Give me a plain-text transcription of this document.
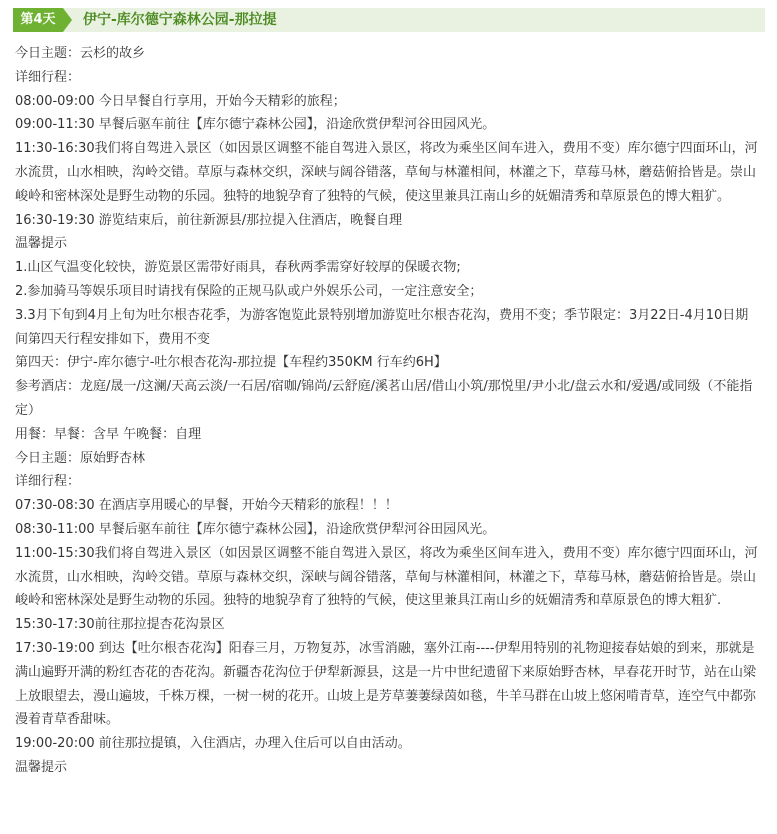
第4天	伊宁-库尔德宁森林公园-那拉提

今日主题：云杉的故乡

详细行程：

08:00-09:00 今日早餐自行享用，开始今天精彩的旅程；

09:00-11:30 早餐后驱车前往【库尔德宁森林公园】，沿途欣赏伊犁河谷田园风光。

11:30-16:30我们将自驾进入景区（如因景区调整不能自驾进入景区，将改为乘坐区间车进入，费用不变）库尔德宁四面环山，河水流贯，山水相映，沟岭交错。草原与森林交织，深峡与阔谷错落，草甸与林灌相间，林灌之下，草莓马林，蘑菇俯拾皆是。崇山峻岭和密林深处是野生动物的乐园。独特的地貌孕育了独特的气候，使这里兼具江南山乡的妩媚清秀和草原景色的博大粗犷。

16:30-19:30 游览结束后，前往新源县/那拉提入住酒店，晚餐自理

温馨提示

1.山区气温变化较快，游览景区需带好雨具，春秋两季需穿好较厚的保暖衣物;

2.参加骑马等娱乐项目时请找有保险的正规马队或户外娱乐公司，一定注意安全；

3.3月下旬到4月上旬为吐尔根杏花季，为游客饱览此景特别增加游览吐尔根杏花沟，费用不变；季节限定：3月22日-4月10日期间第四天行程安排如下，费用不变

第四天：伊宁-库尔德宁-吐尔根杏花沟-那拉提【车程约350KM 行车约6H】

参考酒店：龙庭/晟一/这澜/天高云淡/一石居/宿咖/锦尚/云舒庭/溪茗山居/借山小筑/那悦里/尹小北/盘云水和/爱遇/或同级（不能指定）

用餐：早餐：含早 午晚餐：自理

今日主题：原始野杏林

详细行程：

07:30-08:30 在酒店享用暖心的早餐，开始今天精彩的旅程！！！

08:30-11:00 早餐后驱车前往【库尔德宁森林公园】，沿途欣赏伊犁河谷田园风光。

11:00-15:30我们将自驾进入景区（如因景区调整不能自驾进入景区，将改为乘坐区间车进入，费用不变）库尔德宁四面环山，河水流贯，山水相映，沟岭交错。草原与森林交织，深峡与阔谷错落，草甸与林灌相间，林灌之下，草莓马林，蘑菇俯拾皆是。崇山峻岭和密林深处是野生动物的乐园。独特的地貌孕育了独特的气候，使这里兼具江南山乡的妩媚清秀和草原景色的博大粗犷.

15:30-17:30前往那拉提杏花沟景区

17:30-19:00 到达【吐尔根杏花沟】阳春三月，万物复苏，冰雪消融，塞外江南----伊犁用特别的礼物迎接春姑娘的到来，那就是满山遍野开满的粉红杏花的杏花沟。新疆杏花沟位于伊犁新源县，这是一片中世纪遗留下来原始野杏林，早春花开时节，站在山梁上放眼望去，漫山遍坡，千株万棵，一树一树的花开。山坡上是芳草萋萋绿茵如毯，牛羊马群在山坡上悠闲啃青草，连空气中都弥漫着青草香甜味。

19:00-20:00 前往那拉提镇，入住酒店，办理入住后可以自由活动。

温馨提示
